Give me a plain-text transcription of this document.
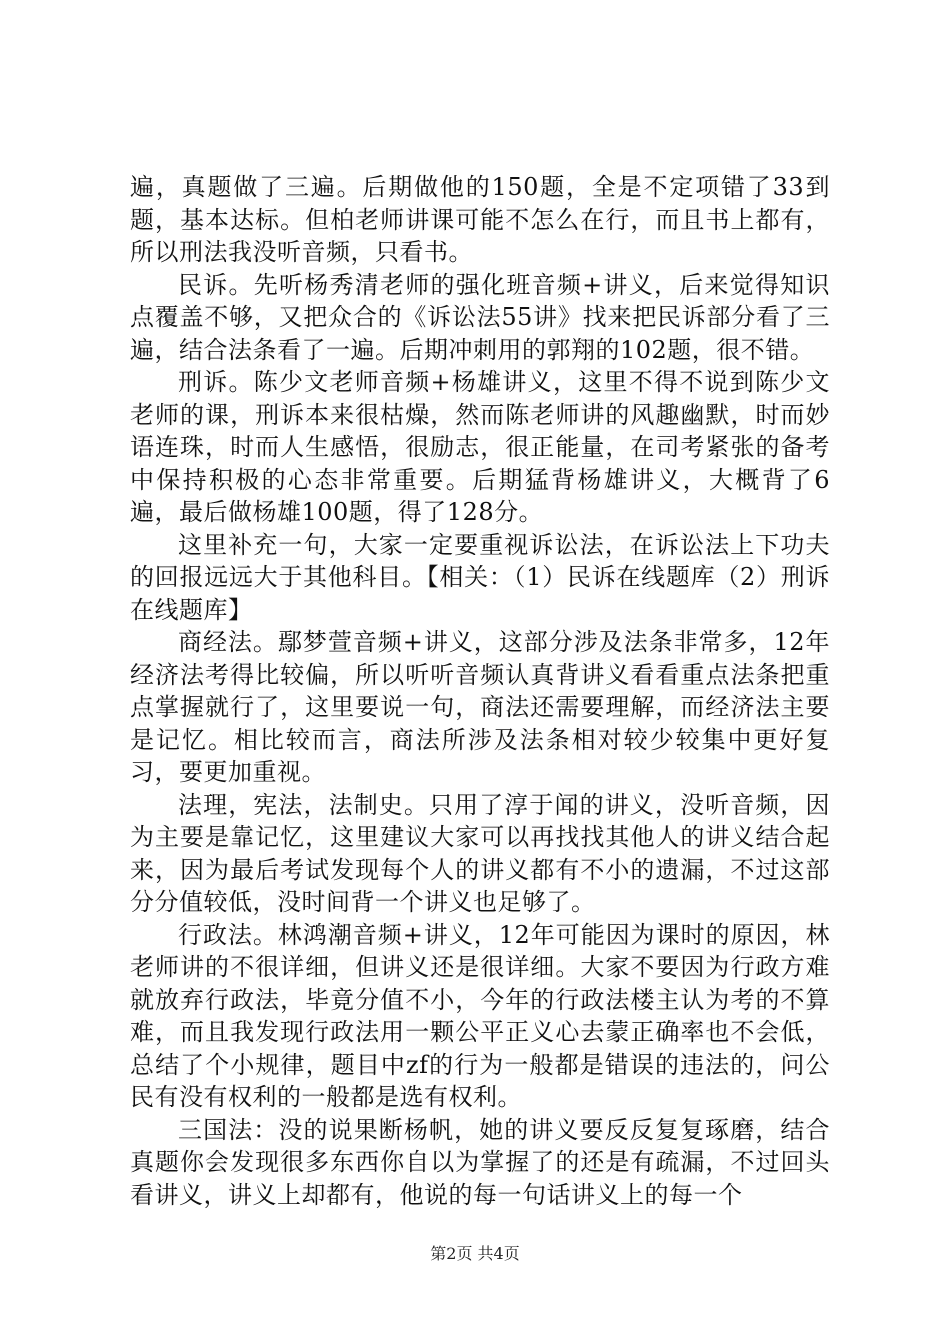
遍，真题做了三遍。后期做他的150题，全是不定项错了33到题，基本达标。但柏老师讲课可能不怎么在行，而且书上都有，所以刑法我没听音频，只看书。

民诉。先听杨秀清老师的强化班音频+讲义，后来觉得知识点覆盖不够，又把众合的《诉讼法55讲》找来把民诉部分看了三遍，结合法条看了一遍。后期冲刺用的郭翔的102题，很不错。

刑诉。陈少文老师音频+杨雄讲义，这里不得不说到陈少文老师的课，刑诉本来很枯燥，然而陈老师讲的风趣幽默，时而妙语连珠，时而人生感悟，很励志，很正能量，在司考紧张的备考中保持积极的心态非常重要。后期猛背杨雄讲义，大概背了6遍，最后做杨雄100题，得了128分。

这里补充一句，大家一定要重视诉讼法，在诉讼法上下功夫的回报远远大于其他科目。【相关：（1）民诉在线题库（2）刑诉在线题库】

商经法。鄢梦萱音频+讲义，这部分涉及法条非常多，12年经济法考得比较偏，所以听听音频认真背讲义看看重点法条把重点掌握就行了，这里要说一句，商法还需要理解，而经济法主要是记忆。相比较而言，商法所涉及法条相对较少较集中更好复习，要更加重视。

法理，宪法，法制史。只用了淳于闻的讲义，没听音频，因为主要是靠记忆，这里建议大家可以再找找其他人的讲义结合起来，因为最后考试发现每个人的讲义都有不小的遗漏，不过这部分分值较低，没时间背一个讲义也足够了。

行政法。林鸿潮音频+讲义，12年可能因为课时的原因，林老师讲的不很详细，但讲义还是很详细。大家不要因为行政方难就放弃行政法，毕竟分值不小，今年的行政法楼主认为考的不算难，而且我发现行政法用一颗公平正义心去蒙正确率也不会低，总结了个小规律，题目中zf的行为一般都是错误的违法的，问公民有没有权利的一般都是选有权利。

三国法：没的说果断杨帆，她的讲义要反反复复琢磨，结合真题你会发现很多东西你自以为掌握了的还是有疏漏，不过回头看讲义，讲义上却都有，他说的每一句话讲义上的每一个

第2页 共4页
